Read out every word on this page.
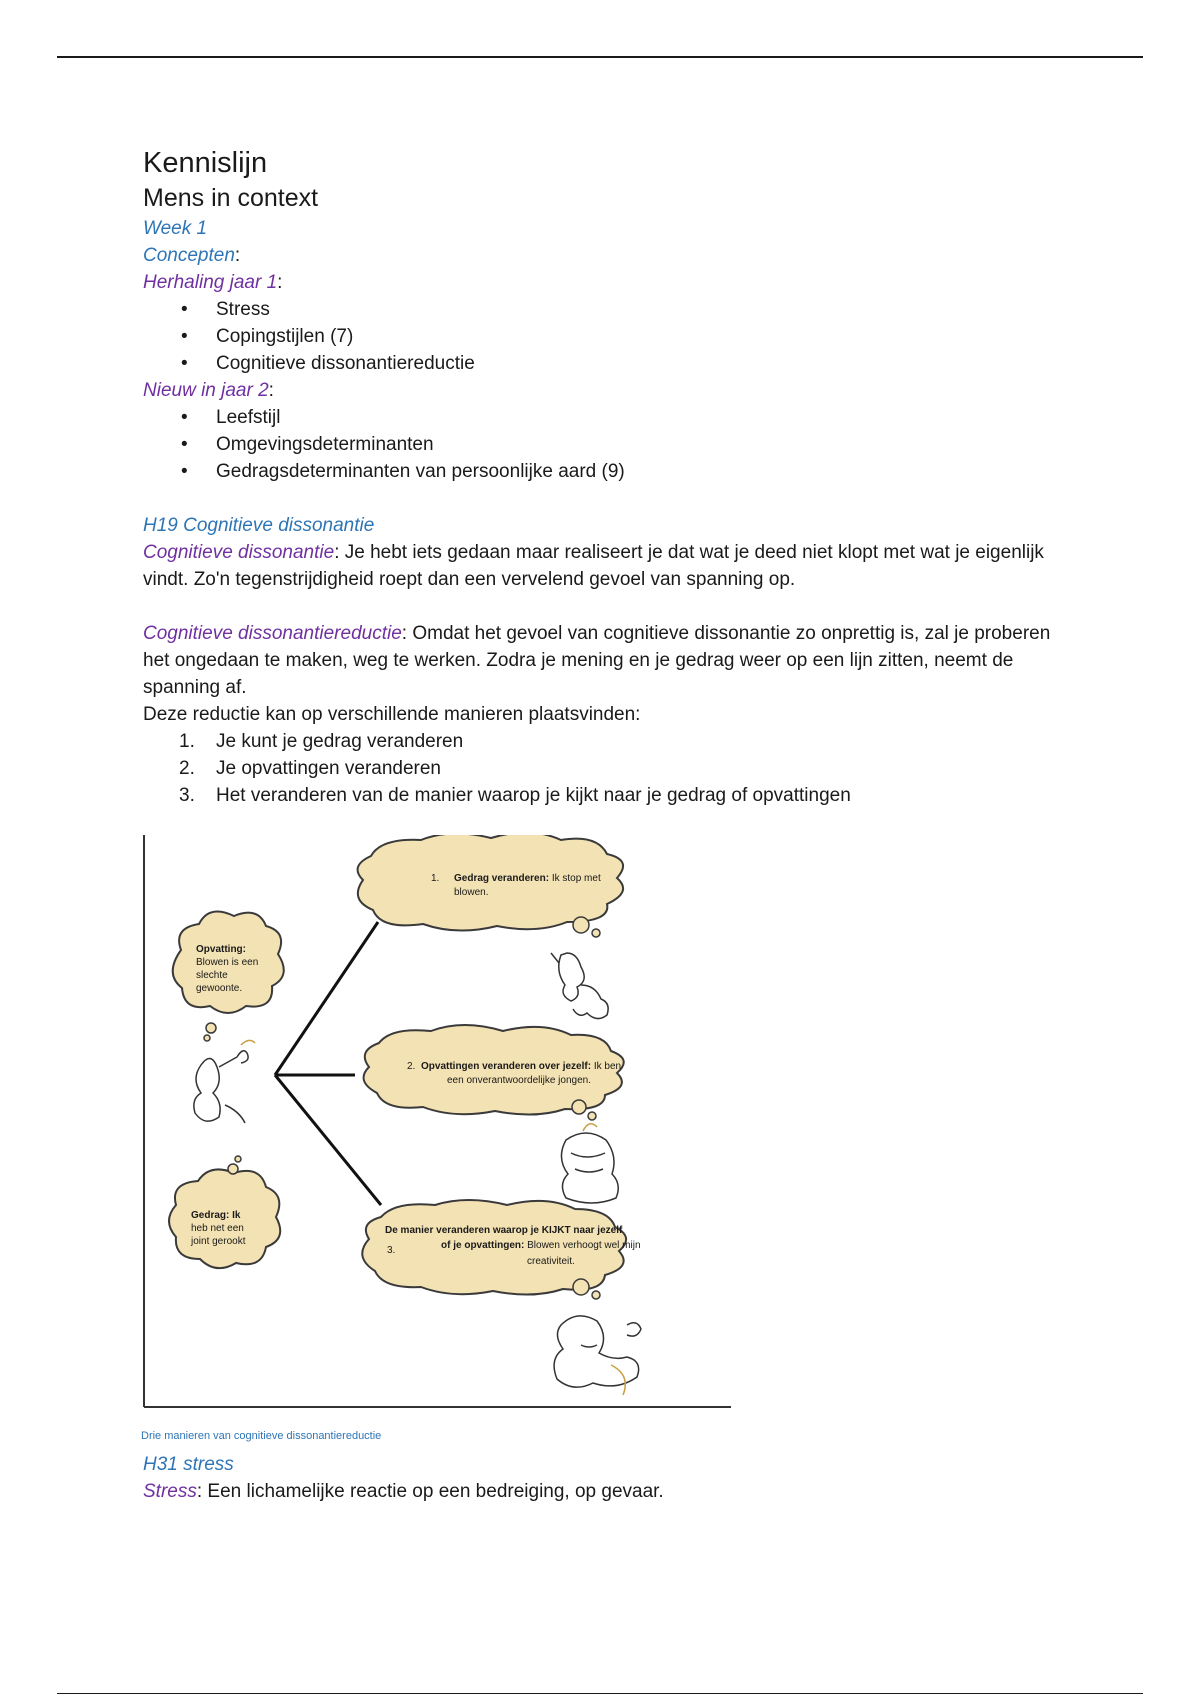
Kennislijn
Mens in context

Week 1

Concepten:

Herhaling jaar 1:

• Stress
• Copingstijlen (7)
• Cognitieve dissonantiereductie

Nieuw in jaar 2:

• Leefstijl
• Omgevingsdeterminanten
• Gedragsdeterminanten van persoonlijke aard (9)

H19 Cognitieve dissonantie

Cognitieve dissonantie: Je hebt iets gedaan maar realiseert je dat wat je deed niet klopt met wat je eigenlijk vindt. Zo'n tegenstrijdigheid roept dan een vervelend gevoel van spanning op.

Cognitieve dissonantiereductie: Omdat het gevoel van cognitieve dissonantie zo onprettig is, zal je proberen het ongedaan te maken, weg te werken. Zodra je mening en je gedrag weer op een lijn zitten, neemt de spanning af.

Deze reductie kan op verschillende manieren plaatsvinden:

1. Je kunt je gedrag veranderen
2. Je opvattingen veranderen
3. Het veranderen van de manier waarop je kijkt naar je gedrag of opvattingen
Opvatting:
Blowen is een
slechte
gewoonte.
Gedrag: Ik
heb net een
joint gerookt
1. Gedrag veranderen: Ik stop met
blowen.
2. Opvattingen veranderen over jezelf: Ik ben
een onverantwoordelijke jongen.
De manier veranderen waarop je KIJKT naar jezelf
3.	of je opvattingen: Blowen verhoogt wel mijn
creativiteit.
Drie manieren van cognitieve dissonantiereductie

H31 stress

Stress: Een lichamelijke reactie op een bedreiging, op gevaar.
